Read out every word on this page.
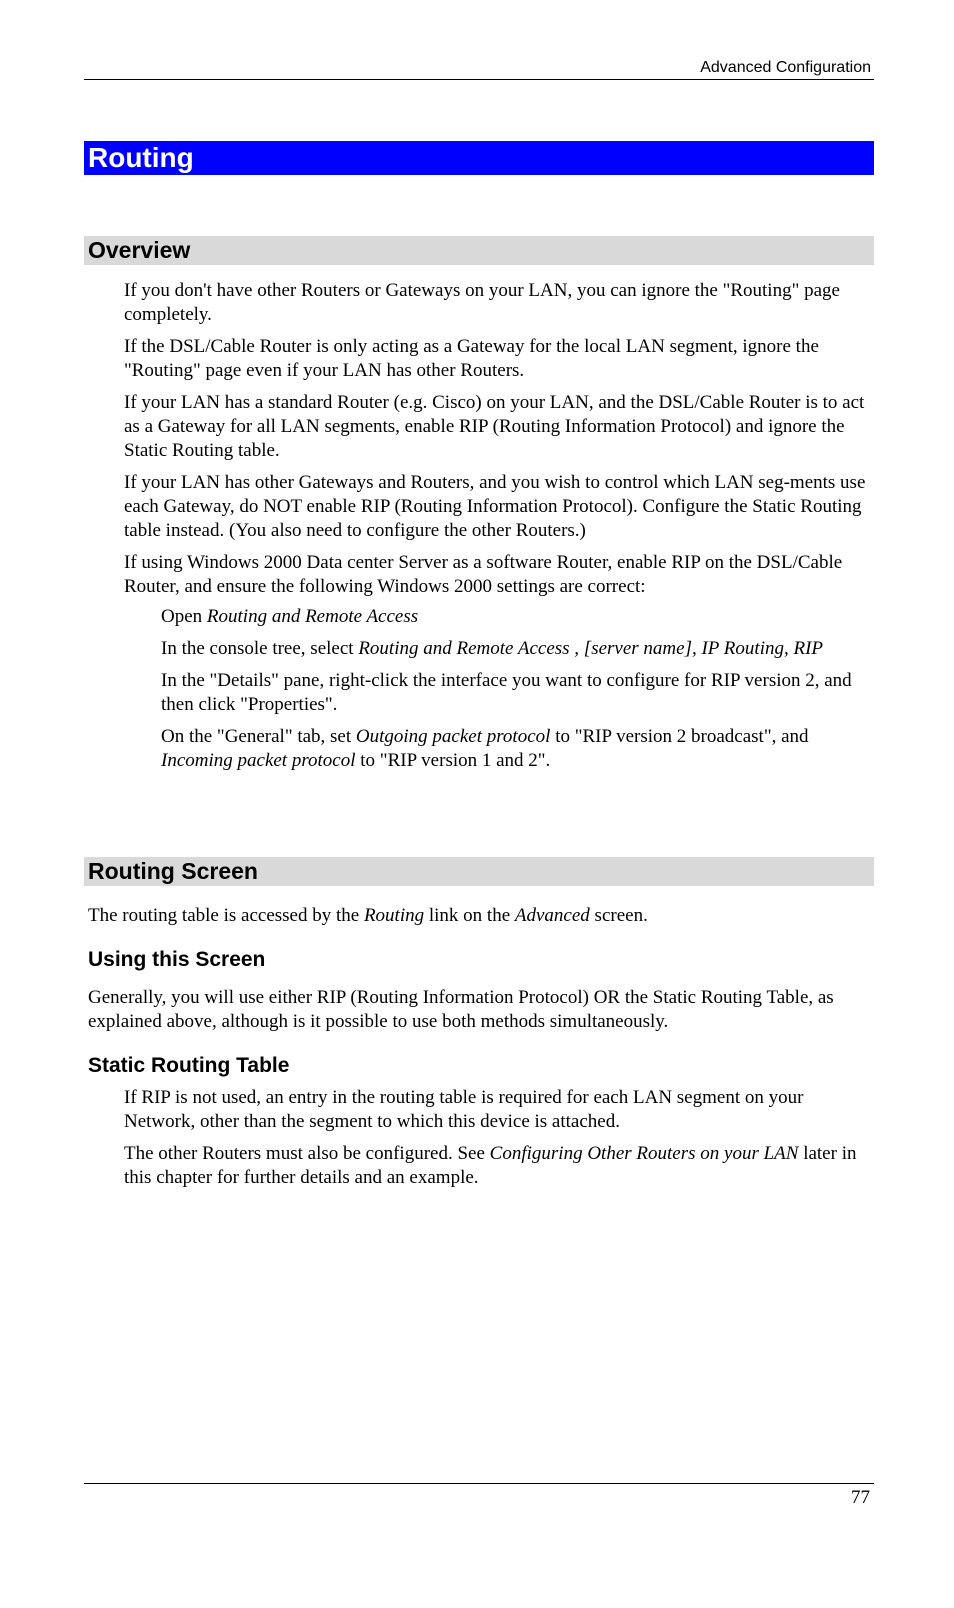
Advanced Configuration
Routing
Overview

If you don't have other Routers or Gateways on your LAN, you can ignore the "Routing" page completely.

If the DSL/Cable Router is only acting as a Gateway for the local LAN segment, ignore the "Routing" page even if your LAN has other Routers.

If your LAN has a standard Router (e.g. Cisco) on your LAN, and the DSL/Cable Router is to act as a Gateway for all LAN segments, enable RIP (Routing Information Protocol) and ignore the Static Routing table.

If your LAN has other Gateways and Routers, and you wish to control which LAN seg-ments use each Gateway, do NOT enable RIP (Routing Information Protocol). Configure the Static Routing table instead. (You also need to configure the other Routers.)

If using Windows 2000 Data center Server as a software Router, enable RIP on the DSL/Cable Router, and ensure the following Windows 2000 settings are correct:

Open Routing and Remote Access

In the console tree, select Routing and Remote Access , [server name], IP Routing, RIP

In the "Details" pane, right-click the interface you want to configure for RIP version 2, and then click "Properties".

On the "General" tab, set Outgoing packet protocol to "RIP version 2 broadcast", and Incoming packet protocol to "RIP version 1 and 2".

Routing Screen
The routing table is accessed by the Routing link on the Advanced screen.
Using this Screen
Generally, you will use either RIP (Routing Information Protocol) OR the Static Routing Table, as explained above, although is it possible to use both methods simultaneously.
Static Routing Table

If RIP is not used, an entry in the routing table is required for each LAN segment on your Network, other than the segment to which this device is attached.

The other Routers must also be configured. See Configuring Other Routers on your LAN later in this chapter for further details and an example.

77
